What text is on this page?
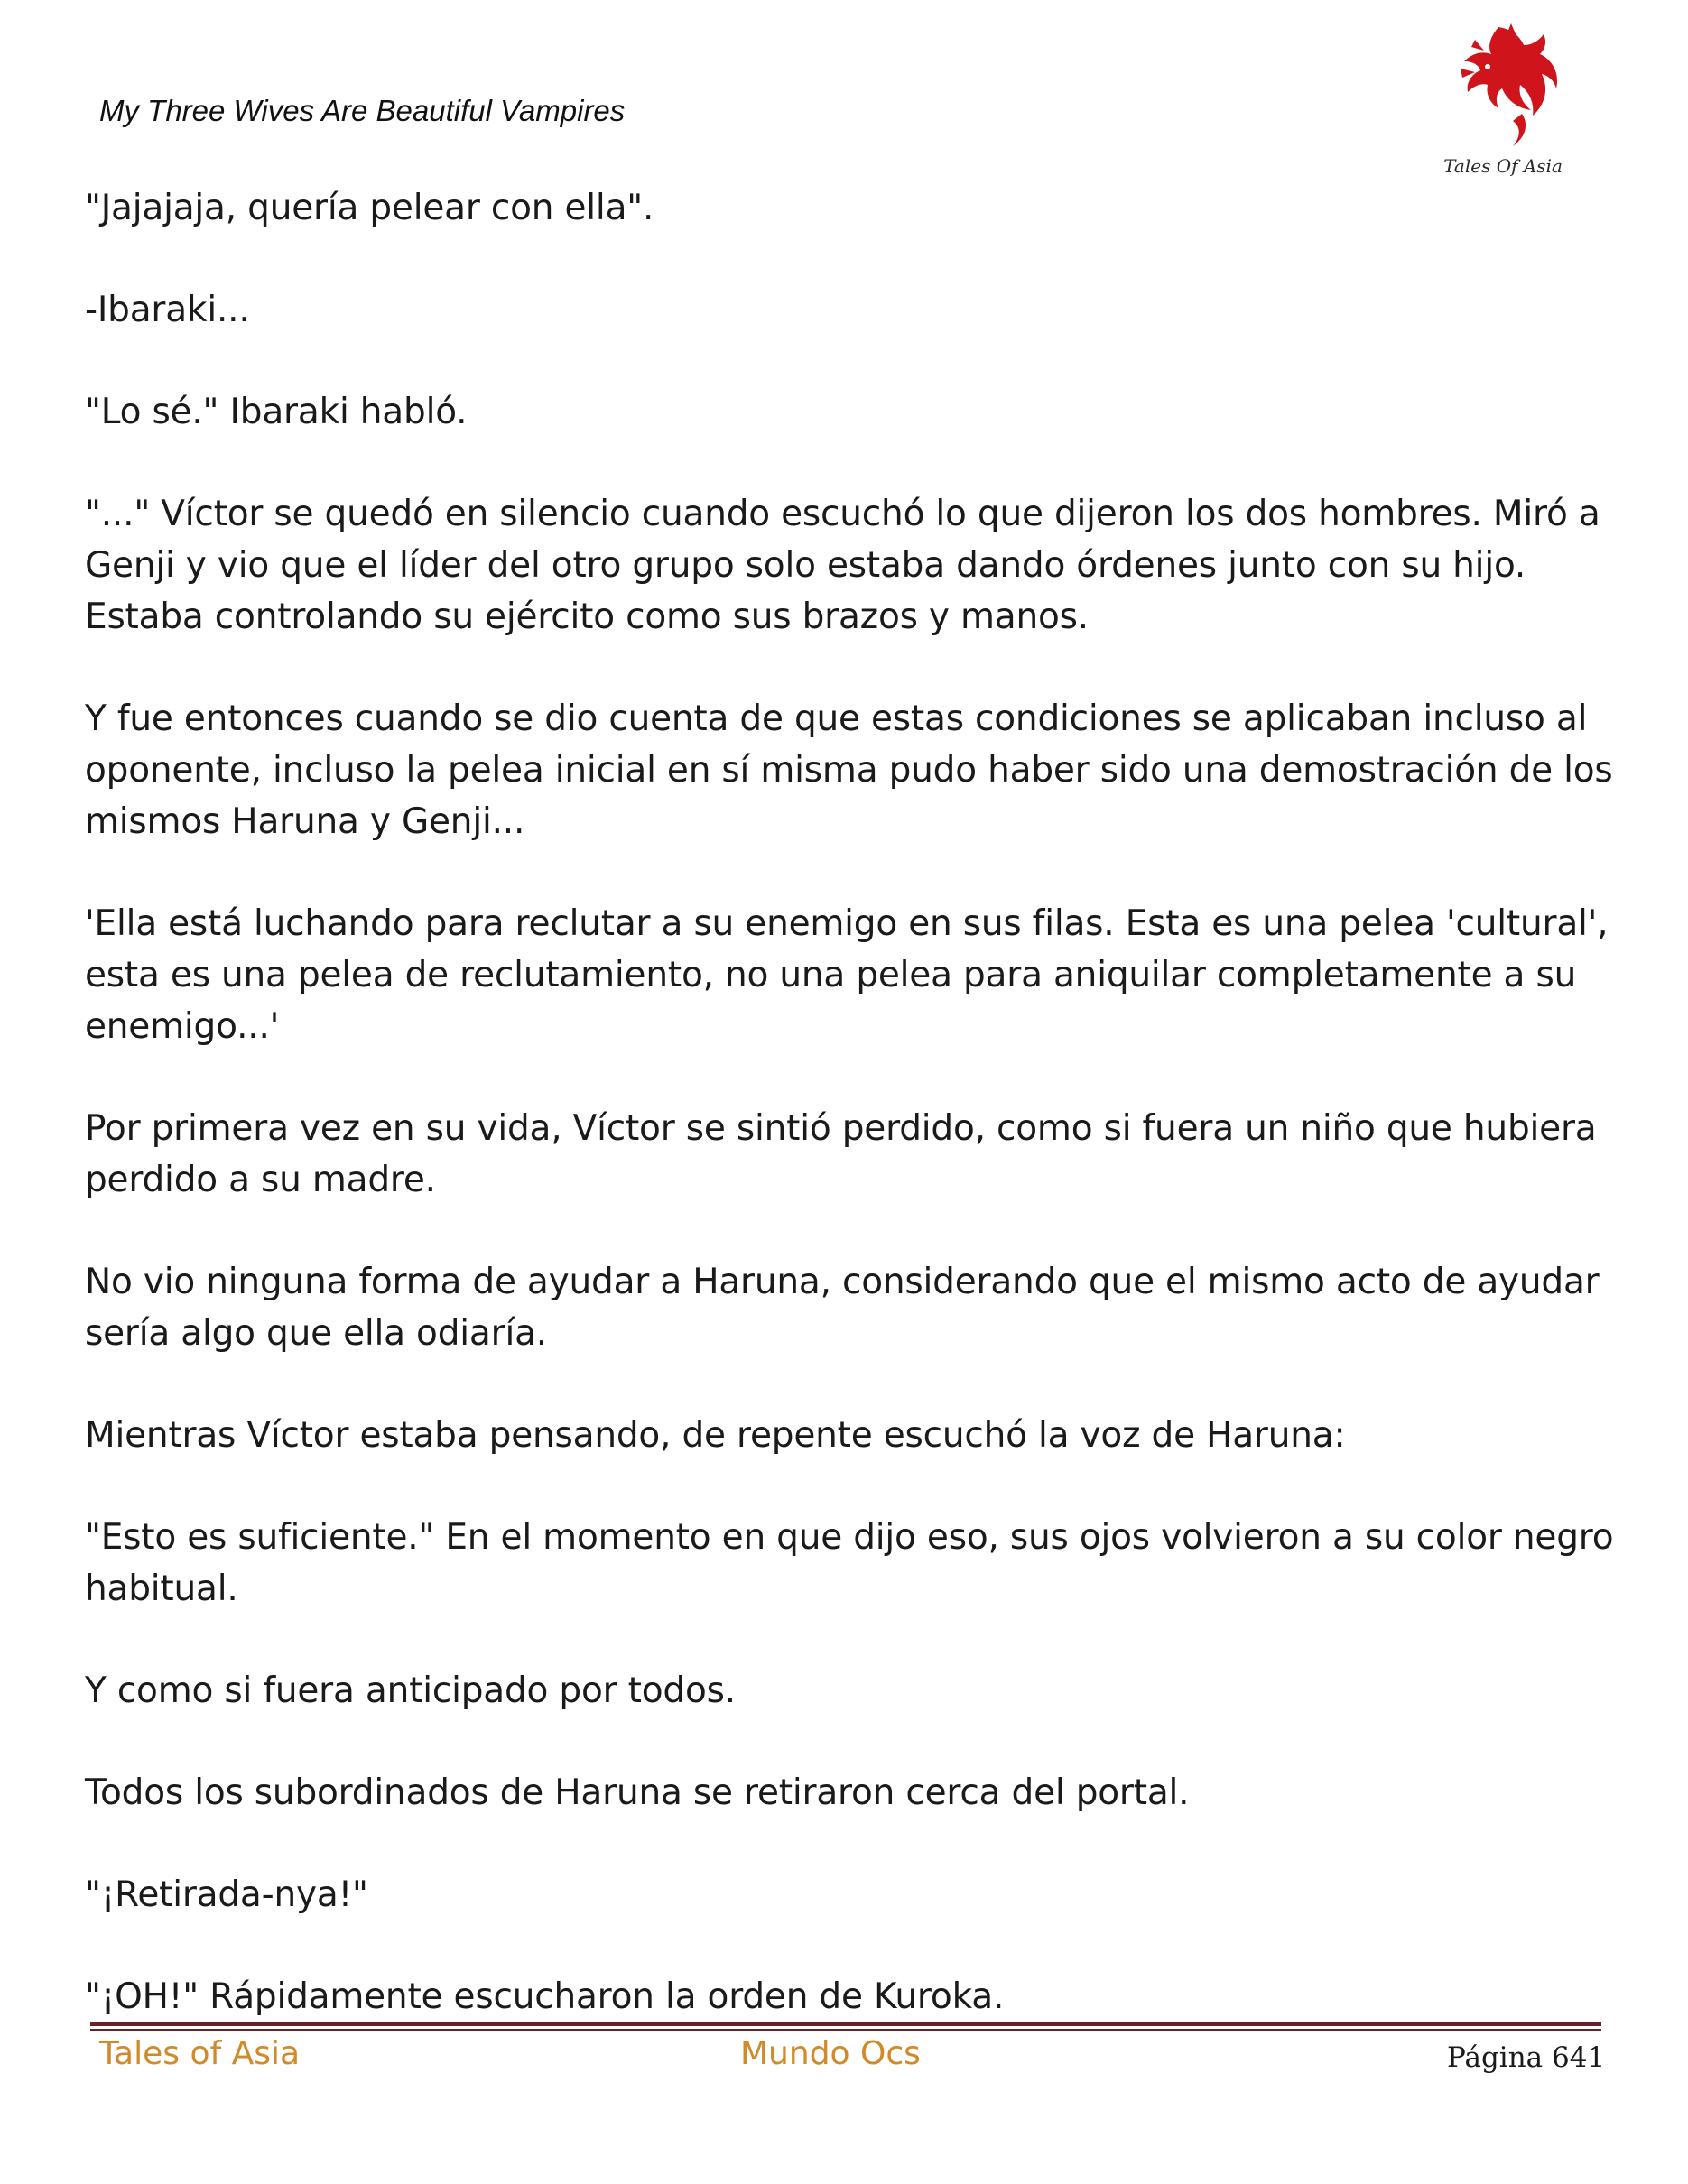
My Three Wives Are Beautiful Vampires
Tales Of Asia

"Jajajaja, quería pelear con ella".

-Ibaraki...

"Lo sé." Ibaraki habló.

"..." Víctor se quedó en silencio cuando escuchó lo que dijeron los dos hombres. Miró a
Genji y vio que el líder del otro grupo solo estaba dando órdenes junto con su hijo.
Estaba controlando su ejército como sus brazos y manos.

Y fue entonces cuando se dio cuenta de que estas condiciones se aplicaban incluso al
oponente, incluso la pelea inicial en sí misma pudo haber sido una demostración de los
mismos Haruna y Genji...

'Ella está luchando para reclutar a su enemigo en sus filas. Esta es una pelea 'cultural',
esta es una pelea de reclutamiento, no una pelea para aniquilar completamente a su
enemigo...'

Por primera vez en su vida, Víctor se sintió perdido, como si fuera un niño que hubiera
perdido a su madre.

No vio ninguna forma de ayudar a Haruna, considerando que el mismo acto de ayudar
sería algo que ella odiaría.

Mientras Víctor estaba pensando, de repente escuchó la voz de Haruna:

"Esto es suficiente." En el momento en que dijo eso, sus ojos volvieron a su color negro
habitual.

Y como si fuera anticipado por todos.

Todos los subordinados de Haruna se retiraron cerca del portal.

"¡Retirada-nya!"

"¡OH!" Rápidamente escucharon la orden de Kuroka.

Tales of Asia	Mundo Ocs	Página 641
